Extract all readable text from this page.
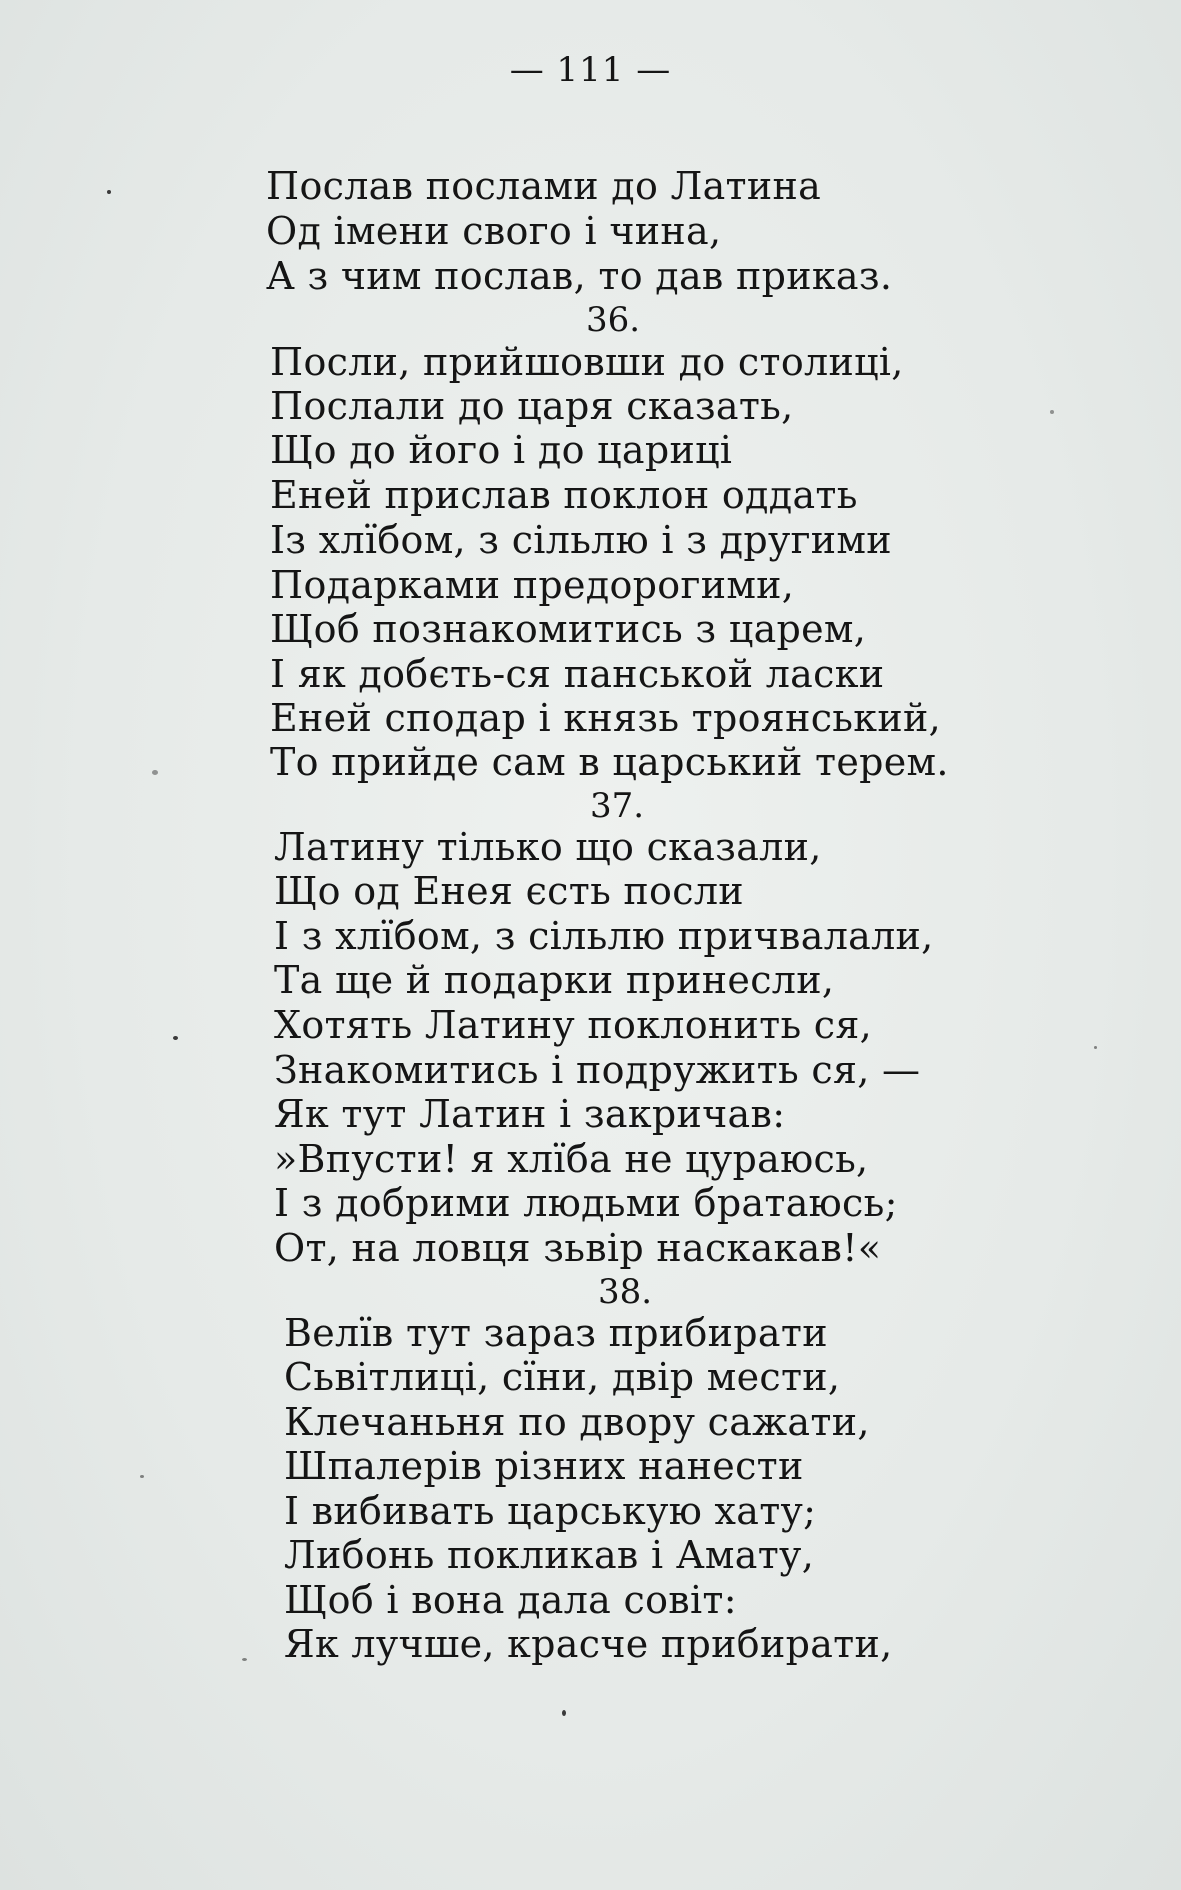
— 111 —
Послав послами до Латина
Од імени свого і чина,
А з чим послав, то дав приказ.
36.
Посли, прийшовши до столиці,
Послали до царя сказать,
Що до його і до цариці
Еней прислав поклон оддать
Із хлїбом, з сільлю і з другими
Подарками предорогими,
Щоб познакомитись з царем,
І як добєть-ся панськой ласки
Еней сподар і князь троянський,
То прийде сам в царський терем.
37.
Латину тілько що сказали,
Що од Енея єсть посли
І з хлїбом, з сільлю причвалали,
Та ще й подарки принесли,
Хотять Латину поклонить ся,
Знакомитись і подружить ся, —
Як тут Латин і закричав:
»Впусти! я хлїба не цураюсь,
І з добрими людьми братаюсь;
От, на ловця зьвір наскакав!«
38.
Велїв тут зараз прибирати
Сьвітлиці, сїни, двір мести,
Клечаньня по двору сажати,
Шпалерів різних нанести
І вибивать царськую хату;
Либонь покликав і Амату,
Щоб і вона дала совіт:
Як лучше, красче прибирати,
